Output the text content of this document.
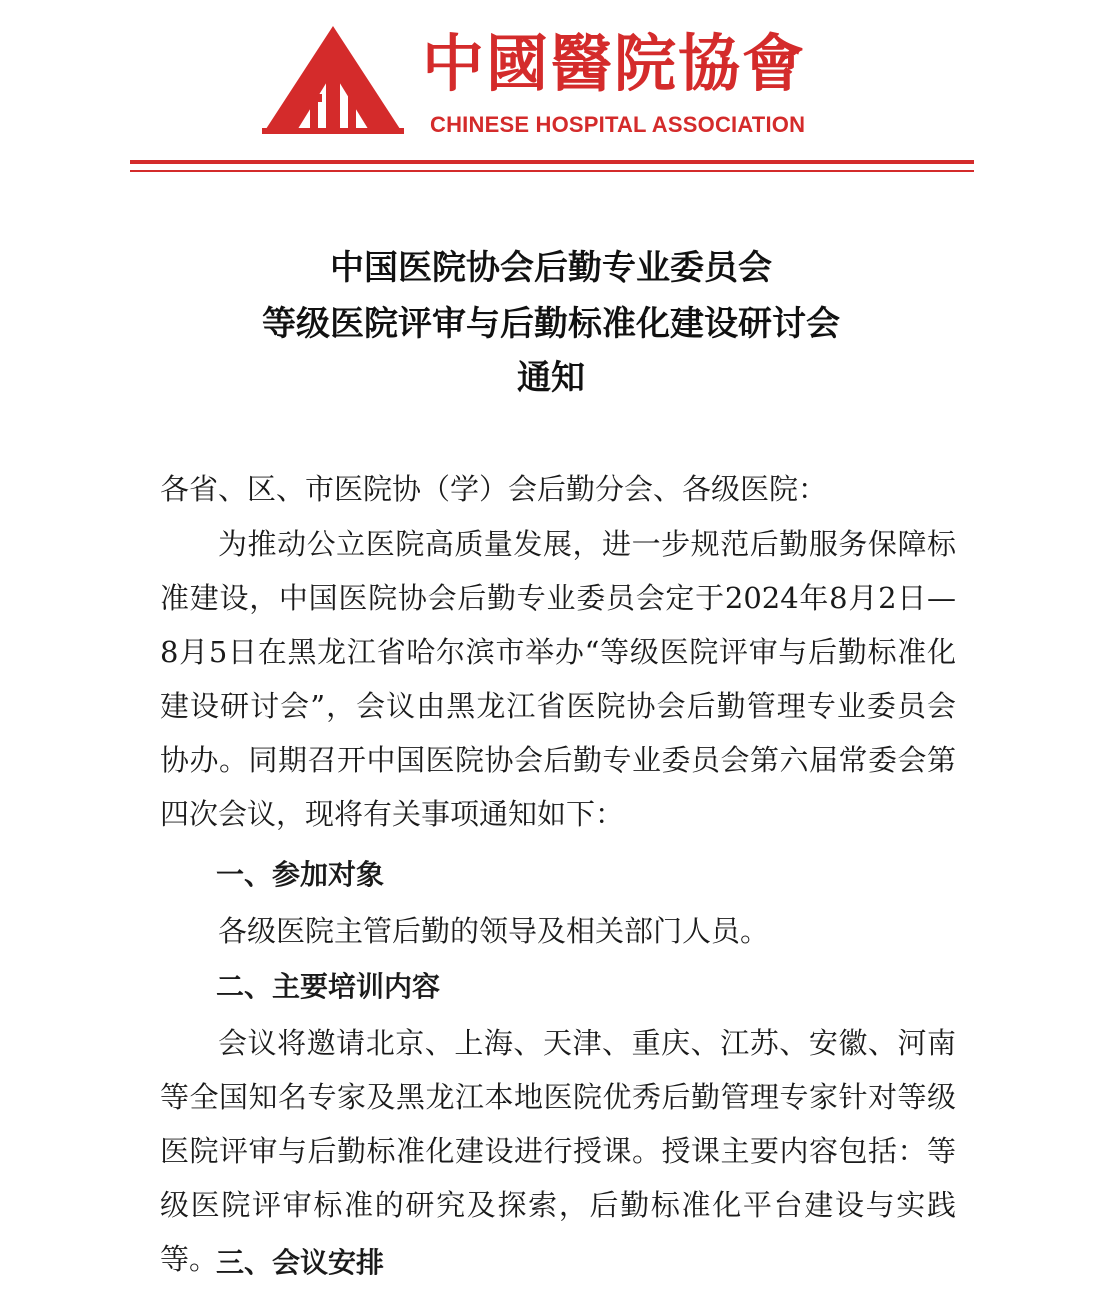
中國醫院協會
CHINESE HOSPITAL ASSOCIATION
中国医院协会后勤专业委员会
等级医院评审与后勤标准化建设研讨会
通知
各省、区、市医院协（学）会后勤分会、各级医院：
为推动公立医院高质量发展，进一步规范后勤服务保障标准建设，中国医院协会后勤专业委员会定于2024年8月2日—8月5日在黑龙江省哈尔滨市举办“等级医院评审与后勤标准化建设研讨会”，会议由黑龙江省医院协会后勤管理专业委员会协办。同期召开中国医院协会后勤专业委员会第六届常委会第四次会议，现将有关事项通知如下：
一、参加对象
各级医院主管后勤的领导及相关部门人员。
二、主要培训内容
会议将邀请北京、上海、天津、重庆、江苏、安徽、河南等全国知名专家及黑龙江本地医院优秀后勤管理专家针对等级医院评审与后勤标准化建设进行授课。授课主要内容包括：等级医院评审标准的研究及探索，后勤标准化平台建设与实践等。
三、会议安排
